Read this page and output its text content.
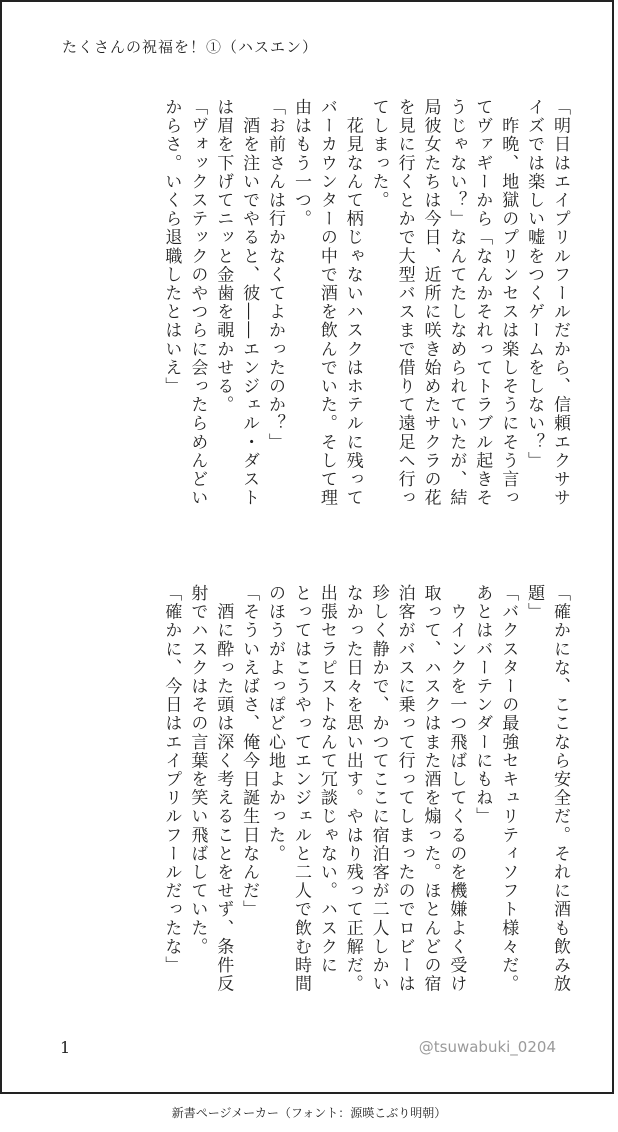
たくさんの祝福を！①（ハスエン）
「明日はエイプリルフールだから、信頼エクササ
イズでは楽しい嘘をつくゲームをしない？」
　昨晩、地獄のプリンセスは楽しそうにそう言っ
てヴァギーから「なんかそれってトラブル起きそ
うじゃない？」なんてたしなめられていたが、結
局彼女たちは今日、近所に咲き始めたサクラの花
を見に行くとかで大型バスまで借りて遠足へ行っ
てしまった。
　花見なんて柄じゃないハスクはホテルに残って
バーカウンターの中で酒を飲んでいた。そして理
由はもう一つ。
「お前さんは行かなくてよかったのか？」
　酒を注いでやると、彼――エンジェル・ダスト
は眉を下げてニッと金歯を覗かせる。
「ヴォックステックのやつらに会ったらめんどい
からさ。いくら退職したとはいえ」
「確かにな、ここなら安全だ。それに酒も飲み放
題」
「バクスターの最強セキュリティソフト様々だ。
あとはバーテンダーにもね」
　ウインクを一つ飛ばしてくるのを機嫌よく受け
取って、ハスクはまた酒を煽った。ほとんどの宿
泊客がバスに乗って行ってしまったのでロビーは
珍しく静かで、かつてここに宿泊客が二人しかい
なかった日々を思い出す。やはり残って正解だ。
出張セラピストなんて冗談じゃない。ハスクに
とってはこうやってエンジェルと二人で飲む時間
のほうがよっぽど心地よかった。
「そういえばさ、俺今日誕生日なんだ」
　酒に酔った頭は深く考えることをせず、条件反
射でハスクはその言葉を笑い飛ばしていた。
「確かに、今日はエイプリルフールだったな」
1	@tsuwabuki_0204
新書ページメーカー（フォント：源暎こぶり明朝）
